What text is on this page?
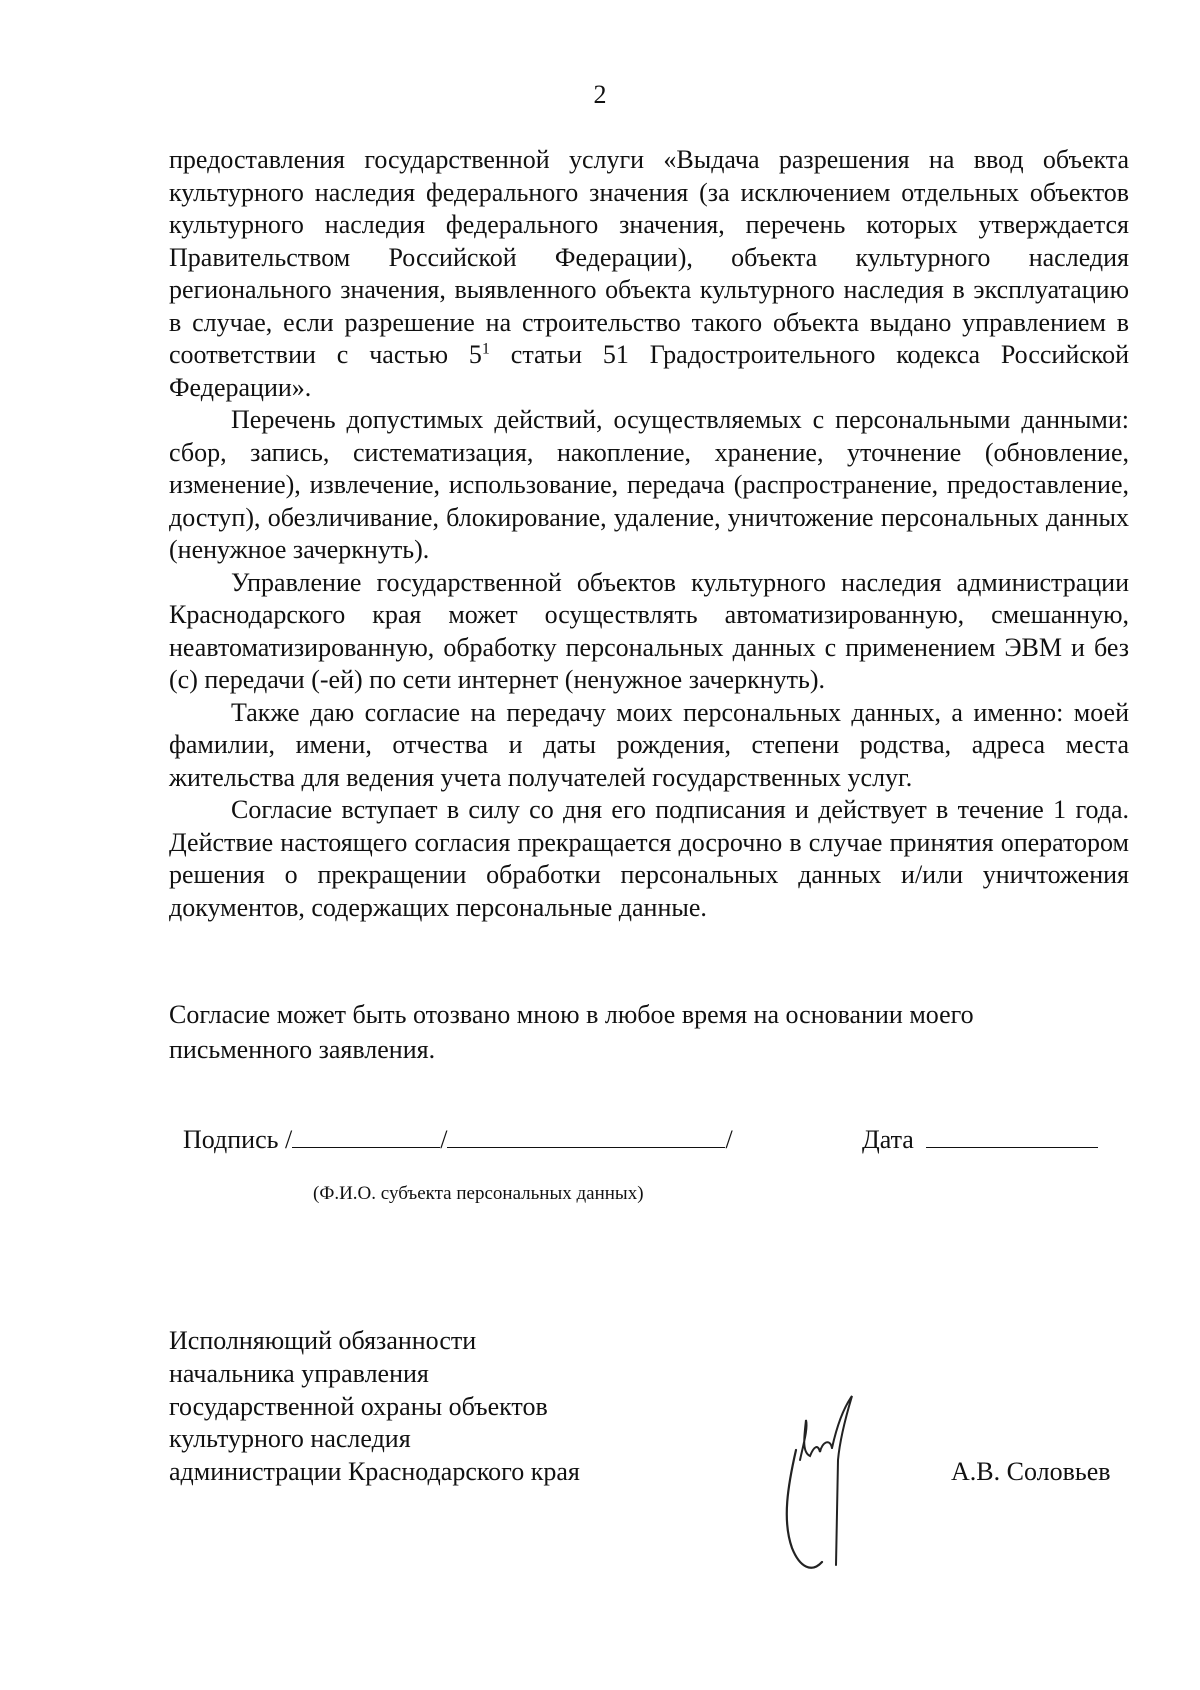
2

предоставления государственной услуги «Выдача разрешения на ввод объекта культурного наследия федерального значения (за исключением отдельных объектов культурного наследия федерального значения, перечень которых утверждается Правительством Российской Федерации), объекта культурного наследия регионального значения, выявленного объекта культурного наследия в эксплуатацию в случае, если разрешение на строительство такого объекта выдано управлением в соответствии с частью $5^1$ статьи 51 Градостроительного кодекса Российской Федерации».

Перечень допустимых действий, осуществляемых с персональными данными: сбор, запись, систематизация, накопление, хранение, уточнение (обновление, изменение), извлечение, использование, передача (распространение, предоставление, доступ), обезличивание, блокирование, удаление, уничтожение персональных данных (ненужное зачеркнуть).

Управление государственной объектов культурного наследия администрации Краснодарского края может осуществлять автоматизированную, смешанную, неавтоматизированную, обработку персональных данных с применением ЭВМ и без (с) передачи (-ей) по сети интернет (ненужное зачеркнуть).

Также даю согласие на передачу моих персональных данных, а именно: моей фамилии, имени, отчества и даты рождения, степени родства, адреса места жительства для ведения учета получателей государственных услуг.

Согласие вступает в силу со дня его подписания и действует в течение 1 года. Действие настоящего согласия прекращается досрочно в случае принятия оператором решения о прекращении обработки персональных данных и/или уничтожения документов, содержащих персональные данные.

Согласие может быть отозвано мною в любое время на основании моего
письменного заявления.
Подпись /	/	/	Дата
(Ф.И.О. субъекта персональных данных)
Исполняющий обязанности
начальника управления
государственной охраны объектов
культурного наследия
администрации Краснодарского края	А.В. Соловьев
